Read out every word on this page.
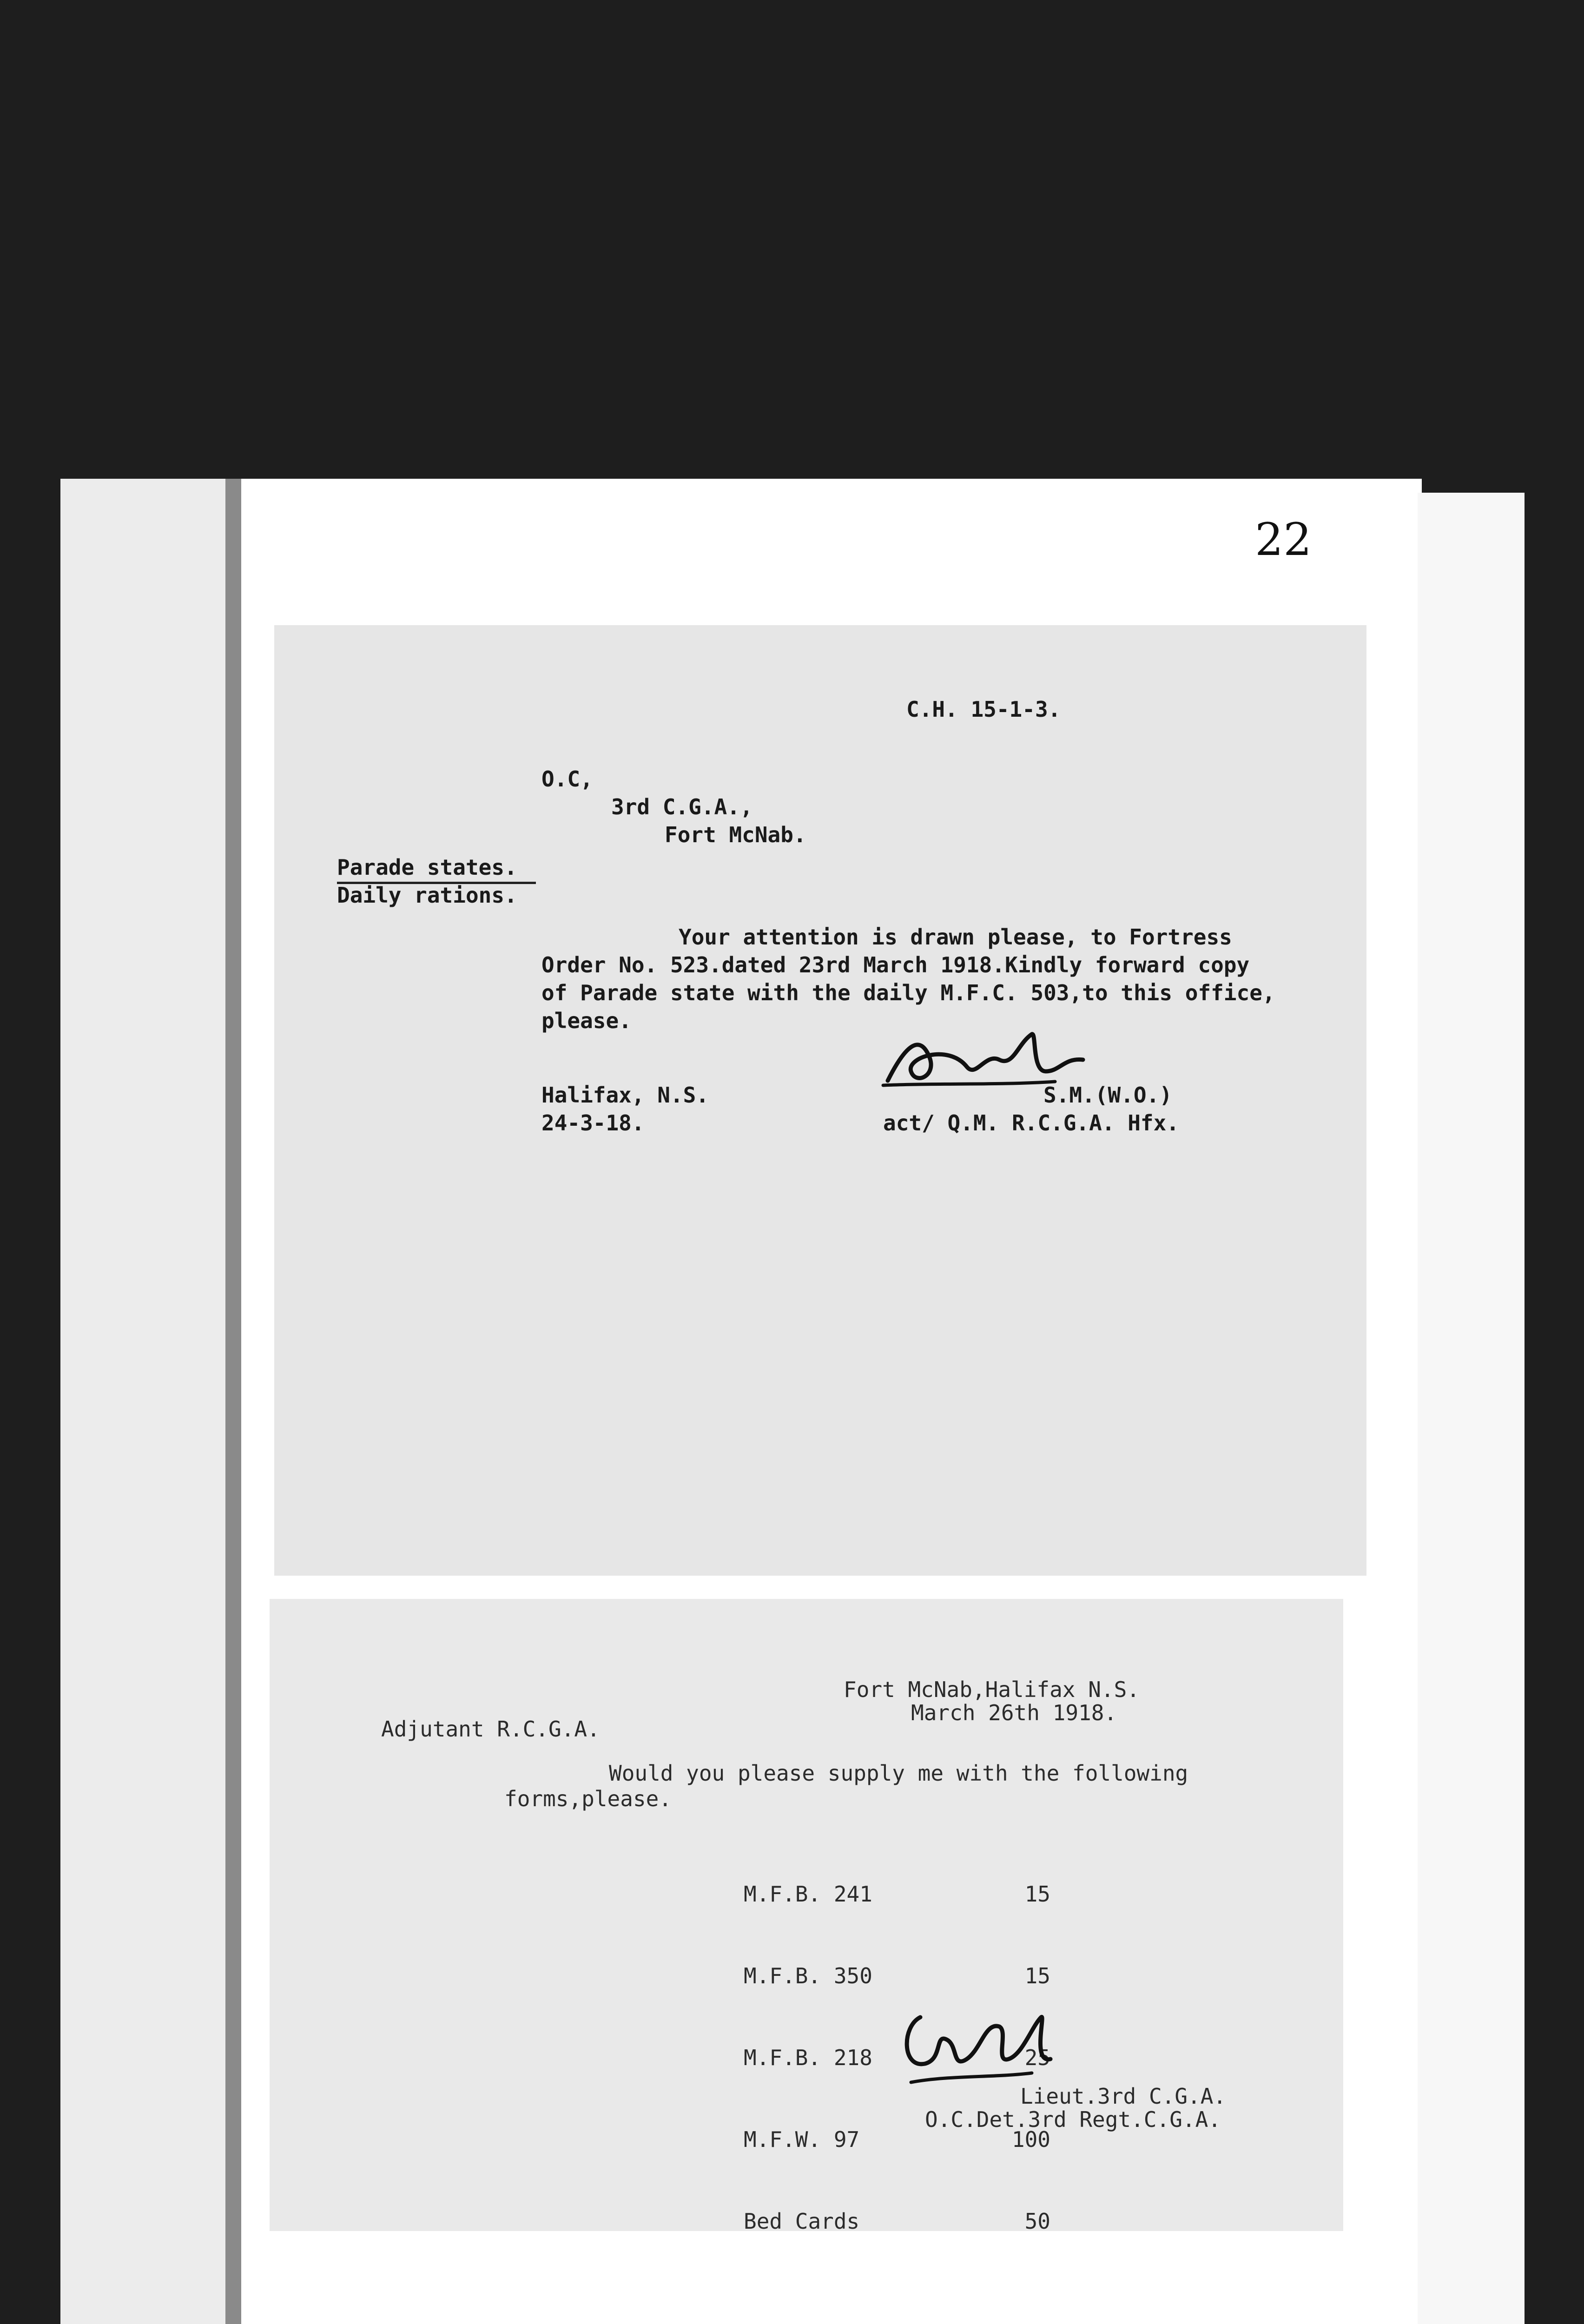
22
C.H. 15-1-3.
O.C,
3rd C.G.A.,
Fort McNab.
Parade states.
Daily rations.
Your attention is drawn please, to Fortress
Order No. 523.dated 23rd March 1918.Kindly forward copy
of Parade state with the daily M.F.C. 503,to this office,
please.
Halifax, N.S.
24-3-18.
S.M.(W.O.)
act/ Q.M. R.C.G.A. Hfx.
Fort McNab,Halifax N.S.
March 26th 1918.
Adjutant R.C.G.A.
Would you please supply me with the following
forms,please.

M.F.B. 241	15

M.F.B. 350	15

M.F.B. 218	25

M.F.W. 97	100

Bed Cards	50

Lieut.3rd C.G.A.
O.C.Det.3rd Regt.C.G.A.
